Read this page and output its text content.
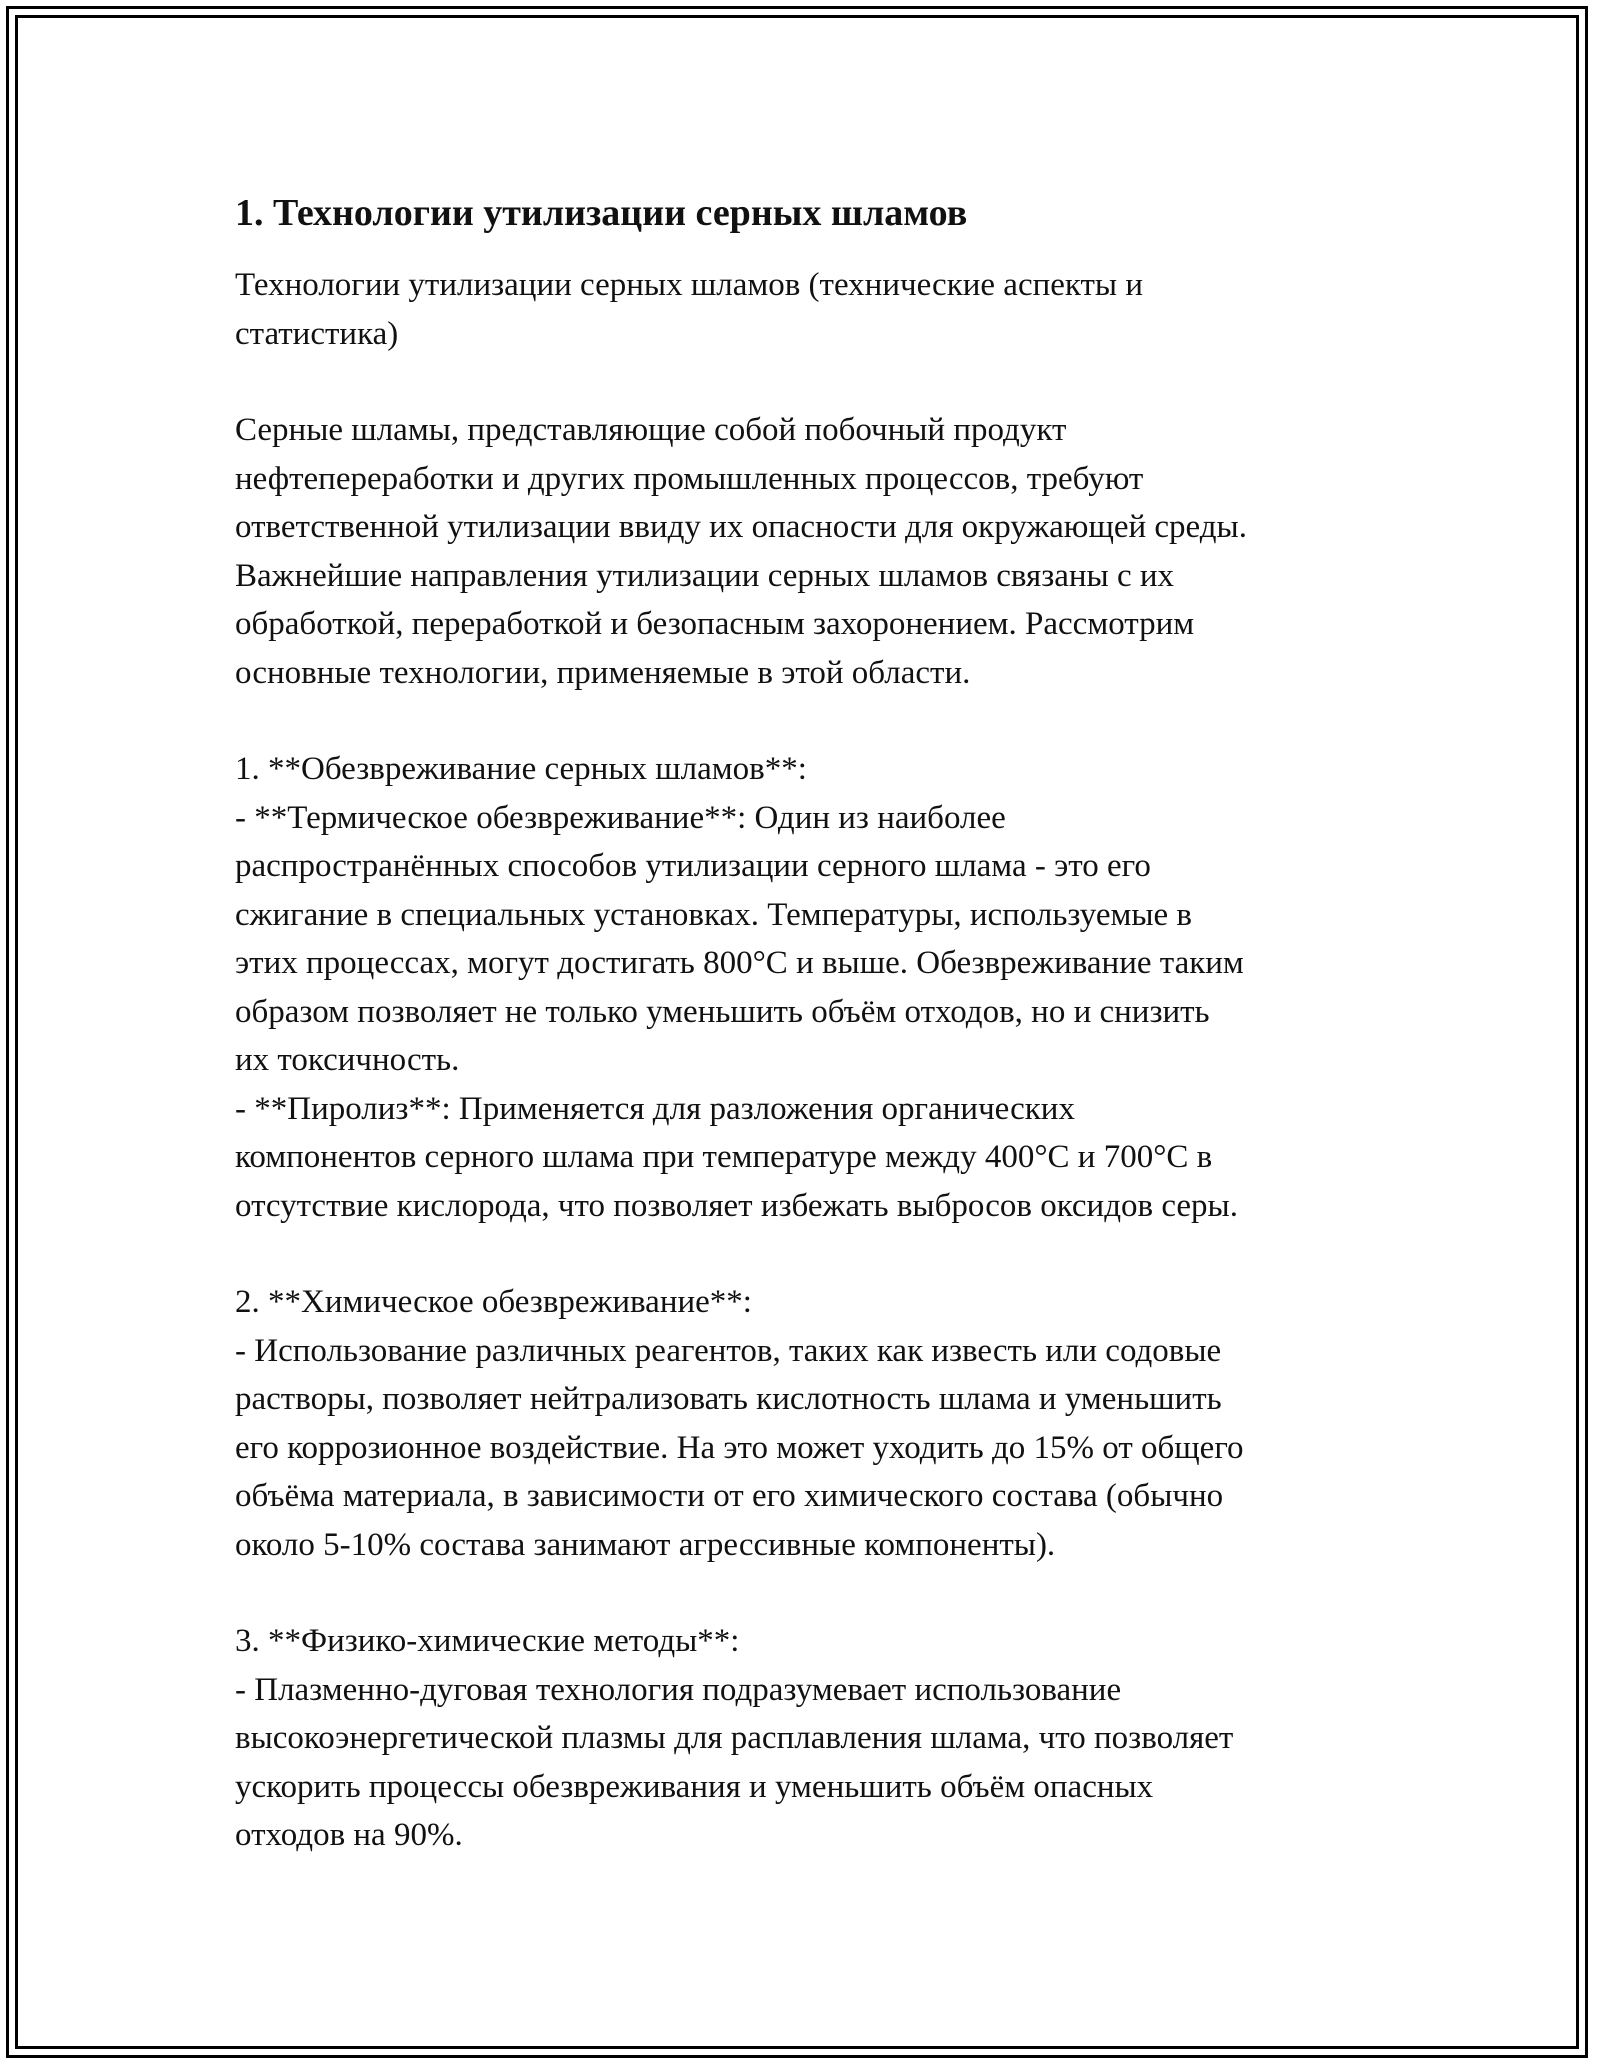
1. Технологии утилизации серных шламов

Технологии утилизации серных шламов (технические аспекты и
статистика)

Серные шламы, представляющие собой побочный продукт
нефтепереработки и других промышленных процессов, требуют
ответственной утилизации ввиду их опасности для окружающей среды.
Важнейшие направления утилизации серных шламов связаны с их
обработкой, переработкой и безопасным захоронением. Рассмотрим
основные технологии, применяемые в этой области.

1. **Обезвреживание серных шламов**:
- **Термическое обезвреживание**: Один из наиболее
распространённых способов утилизации серного шлама - это его
сжигание в специальных установках. Температуры, используемые в
этих процессах, могут достигать 800°С и выше. Обезвреживание таким
образом позволяет не только уменьшить объём отходов, но и снизить
их токсичность.
- **Пиролиз**: Применяется для разложения органических
компонентов серного шлама при температуре между 400°С и 700°С в
отсутствие кислорода, что позволяет избежать выбросов оксидов серы.

2. **Химическое обезвреживание**:
- Использование различных реагентов, таких как известь или содовые
растворы, позволяет нейтрализовать кислотность шлама и уменьшить
его коррозионное воздействие. На это может уходить до 15% от общего
объёма материала, в зависимости от его химического состава (обычно
около 5-10% состава занимают агрессивные компоненты).

3. **Физико-химические методы**:
- Плазменно-дуговая технология подразумевает использование
высокоэнергетической плазмы для расплавления шлама, что позволяет
ускорить процессы обезвреживания и уменьшить объём опасных
отходов на 90%.
